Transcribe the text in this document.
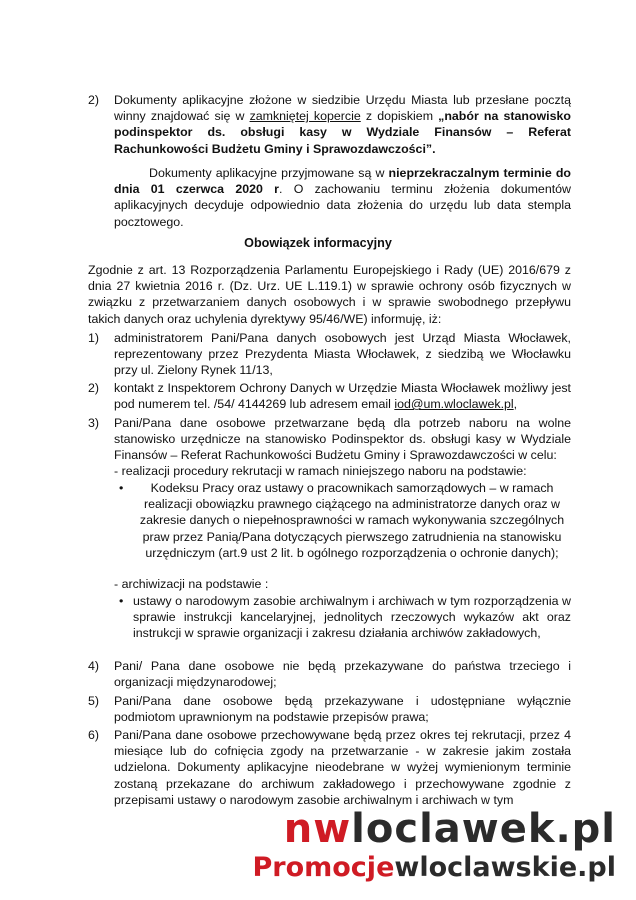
2) Dokumenty aplikacyjne złożone w siedzibie Urzędu Miasta lub przesłane pocztą winny znajdować się w zamkniętej kopercie z dopiskiem „nabór na stanowisko podinspektor ds. obsługi kasy w Wydziale Finansów – Referat Rachunkowości Budżetu Gminy i Sprawozdawczości”.
Dokumenty aplikacyjne przyjmowane są w nieprzekraczalnym terminie do dnia 01 czerwca 2020 r. O zachowaniu terminu złożenia dokumentów aplikacyjnych decyduje odpowiednio data złożenia do urzędu lub data stempla pocztowego.
Obowiązek informacyjny
Zgodnie z art. 13 Rozporządzenia Parlamentu Europejskiego i Rady (UE) 2016/679 z dnia 27 kwietnia 2016 r. (Dz. Urz. UE L.119.1) w sprawie ochrony osób fizycznych w związku z przetwarzaniem danych osobowych i w sprawie swobodnego przepływu takich danych oraz uchylenia dyrektywy 95/46/WE) informuję, iż:
1) administratorem Pani/Pana danych osobowych jest Urząd Miasta Włocławek, reprezentowany przez Prezydenta Miasta Włocławek, z siedzibą we Włocławku przy ul. Zielony Rynek 11/13,
2) kontakt z Inspektorem Ochrony Danych w Urzędzie Miasta Włocławek możliwy jest pod numerem tel. /54/ 4144269 lub adresem email iod@um.wloclawek.pl,
3) Pani/Pana dane osobowe przetwarzane będą dla potrzeb naboru na wolne stanowisko urzędnicze na stanowisko Podinspektor ds. obsługi kasy w Wydziale Finansów – Referat Rachunkowości Budżetu Gminy i Sprawozdawczości w celu:
- realizacji procedury rekrutacji w ramach niniejszego naboru na podstawie:
•	Kodeksu Pracy oraz ustawy o pracownikach samorządowych – w ramach realizacji obowiązku prawnego ciążącego na administratorze danych oraz w zakresie danych o niepełnosprawności w ramach wykonywania szczególnych praw przez Panią/Pana dotyczących pierwszego zatrudnienia na stanowisku urzędniczym (art.9 ust 2 lit. b ogólnego rozporządzenia o ochronie danych);
- archiwizacji na podstawie :
• ustawy o narodowym zasobie archiwalnym i archiwach w tym rozporządzenia w sprawie instrukcji kancelaryjnej, jednolitych rzeczowych wykazów akt oraz instrukcji w sprawie organizacji i zakresu działania archiwów zakładowych,
4) Pani/ Pana dane osobowe nie będą przekazywane do państwa trzeciego i organizacji międzynarodowej;
5) Pani/Pana dane osobowe będą przekazywane i udostępniane wyłącznie podmiotom uprawnionym na podstawie przepisów prawa;
6) Pani/Pana dane osobowe przechowywane będą przez okres tej rekrutacji, przez 4 miesiące lub do cofnięcia zgody na przetwarzanie - w zakresie jakim została udzielona. Dokumenty aplikacyjne nieodebrane w wyżej wymienionym terminie zostaną przekazane do archiwum zakładowego i przechowywane zgodnie z przepisami ustawy o narodowym zasobie archiwalnym i archiwach w tym
nwloclawek.pl
Promocjewloclawskie.pl
